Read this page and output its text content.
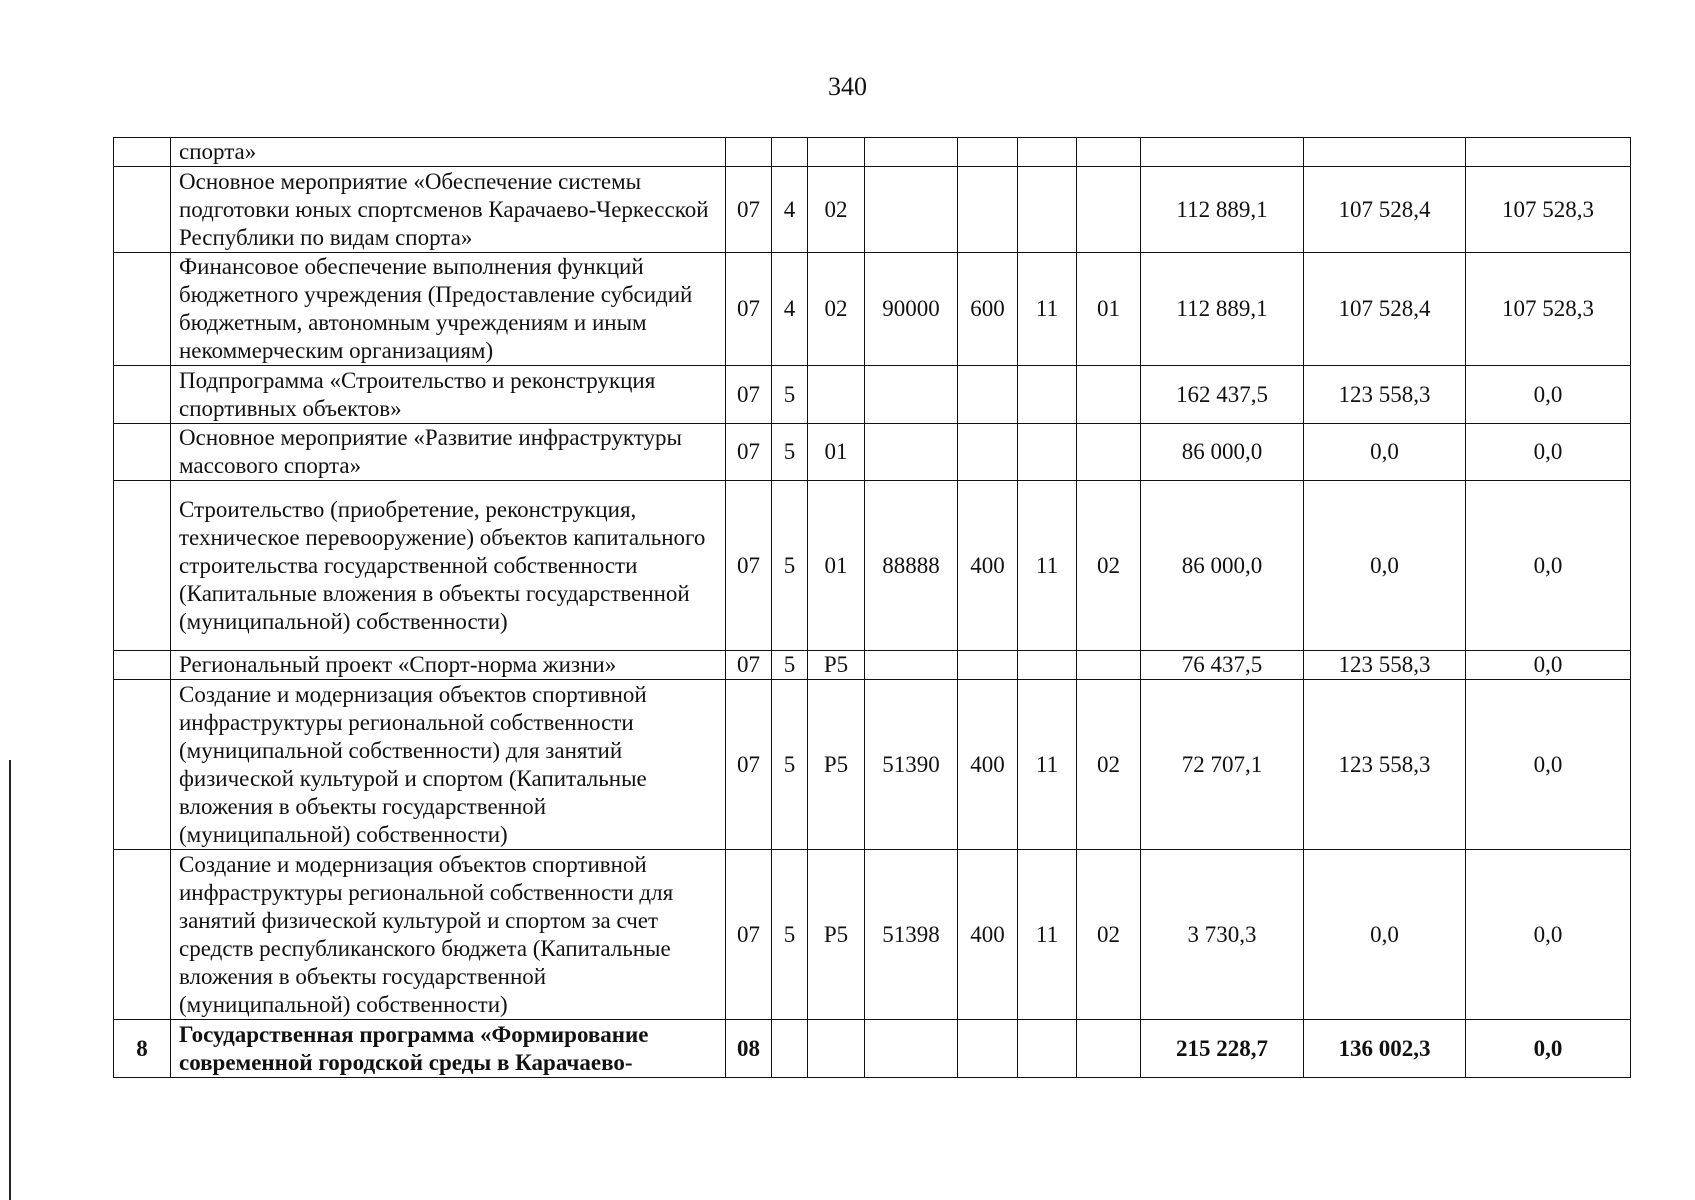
340
	спорта»										
	Основное мероприятие «Обеспечение системы подготовки юных спортсменов Карачаево-Черкесской Республики по видам спорта»	07	4	02					112 889,1	107 528,4	107 528,3
	Финансовое обеспечение выполнения функций бюджетного учреждения (Предоставление субсидий бюджетным, автономным учреждениям и иным некоммерческим организациям)	07	4	02	90000	600	11	01	112 889,1	107 528,4	107 528,3
	Подпрограмма «Строительство и реконструкция спортивных объектов»	07	5						162 437,5	123 558,3	0,0
	Основное мероприятие «Развитие инфраструктуры массового спорта»	07	5	01					86 000,0	0,0	0,0
	Строительство (приобретение, реконструкция, техническое перевооружение) объектов капитального строительства государственной собственности (Капитальные вложения в объекты государственной (муниципальной) собственности)	07	5	01	88888	400	11	02	86 000,0	0,0	0,0
	Региональный проект «Спорт-норма жизни»	07	5	Р5					76 437,5	123 558,3	0,0
	Создание и модернизация объектов спортивной инфраструктуры региональной собственности (муниципальной собственности) для занятий физической культурой и спортом (Капитальные вложения в объекты государственной (муниципальной) собственности)	07	5	Р5	51390	400	11	02	72 707,1	123 558,3	0,0
	Создание и модернизация объектов спортивной инфраструктуры региональной собственности для занятий физической культурой и спортом за счет средств республиканского бюджета (Капитальные вложения в объекты государственной (муниципальной) собственности)	07	5	Р5	51398	400	11	02	3 730,3	0,0	0,0
8	Государственная программа «Формирование современной городской среды в Карачаево-	08							215 228,7	136 002,3	0,0
